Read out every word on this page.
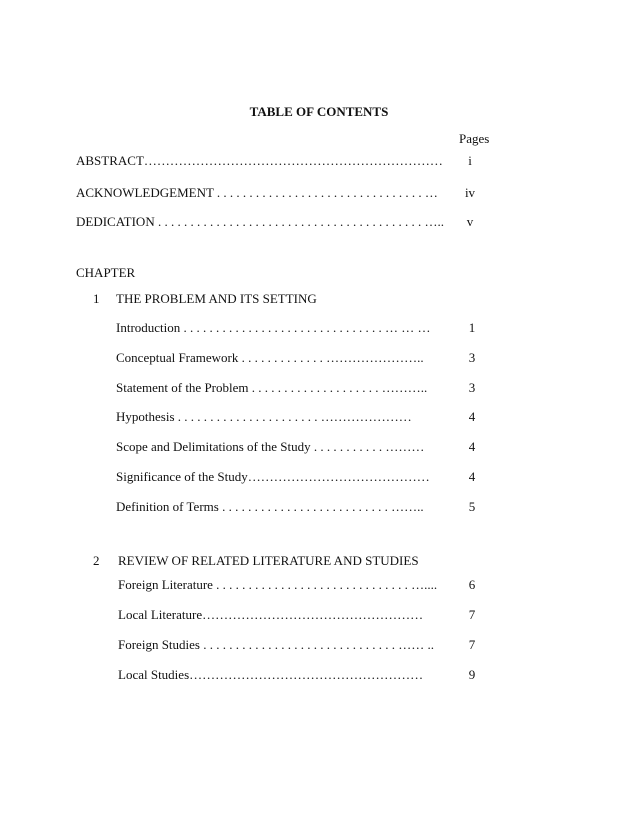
TABLE OF CONTENTS
Pages
ABSTRACT……………………………………………………………	i
ACKNOWLEDGEMENT . . . . . . . . . . . . . . . . . . . . . . . . . . . . . . . . …	iv
DEDICATION . . . . . . . . . . . . . . . . . . . . . . . . . . . . . . . . . . . . . . . . . …..	v
CHAPTER
1 THE PROBLEM AND ITS SETTING
Introduction . . . . . . . . . . . . . . . . . . . . . . . . . . . . . . . … … …	1
Conceptual Framework . . . . . . . . . . . . . …………………..	3
Statement of the Problem . . . . . . . . . . . . . . . . . . . . ………..	3
Hypothesis . . . . . . . . . . . . . . . . . . . . . . …………………	4
Scope and Delimitations of the Study . . . . . . . . . . . ………	4
Significance of the Study……………………………………	4
Definition of Terms . . . . . . . . . . . . . . . . . . . . . . . . . . ……..	5
2 REVIEW OF RELATED LITERATURE AND STUDIES
Foreign Literature . . . . . . . . . . . . . . . . . . . . . . . . . . . . . . …....	6
Local Literature……………………………………………	7
Foreign Studies . . . . . . . . . . . . . . . . . . . . . . . . . . . . . . …… ..	7
Local Studies………………………………………………	9
